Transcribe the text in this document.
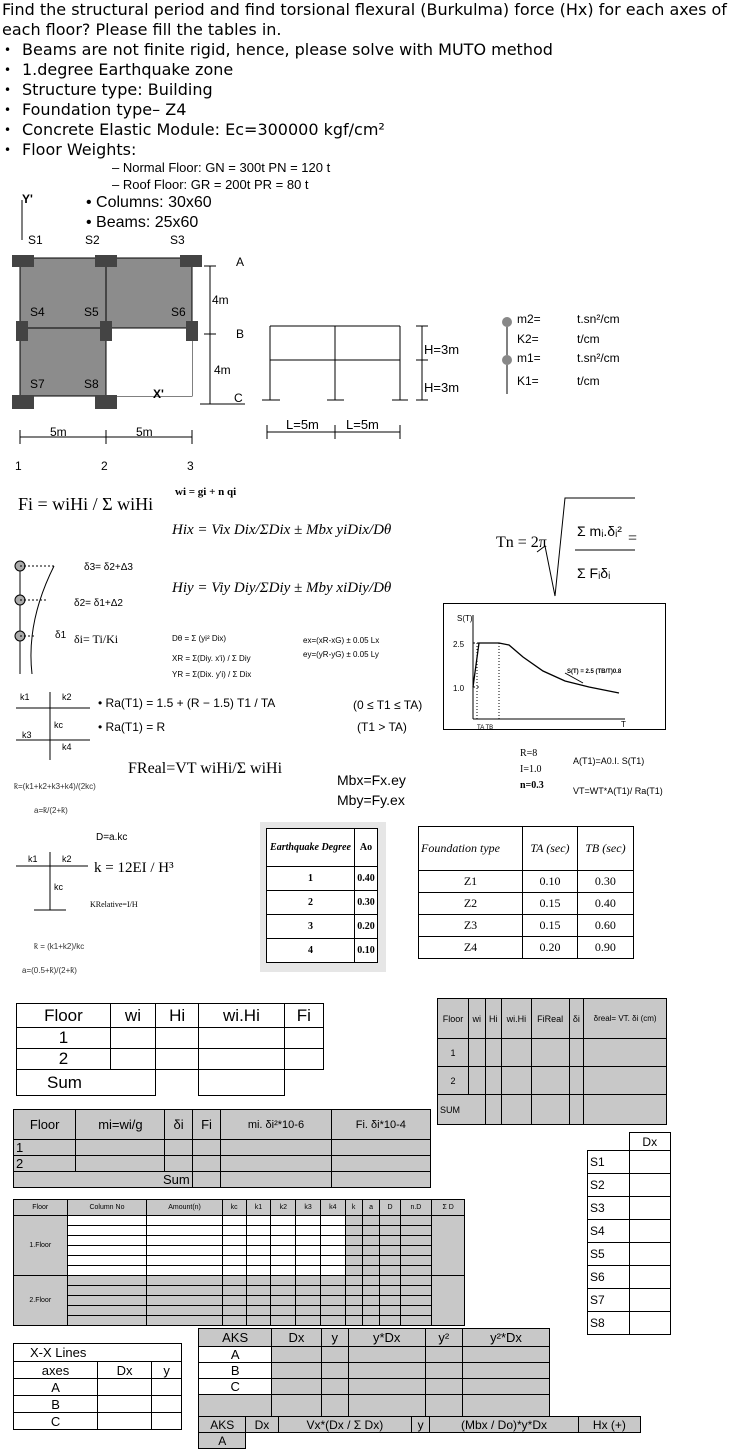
Find the structural period and find torsional flexural (Burkulma) force (Hx) for each axes of each floor? Please fill the tables in.

• Beams are not finite rigid, hence, please solve with MUTO method
• 1.degree Earthquake zone
• Structure type: Building
• Foundation type– Z4
• Concrete Elastic Module: Ec=300000 kgf/cm²
• Floor Weights:
– Normal Floor: GN = 300t PN = 120 t
– Roof Floor: GR = 200t PR = 80 t
• Columns: 30x60
• Beams: 25x60
Y'
S1	S2	S3
S4	S5	S6
S7	S8
X'
A
B
C
4m
4m
5m	5m
1	2	3
H=3m
H=3m
L=5m L=5m
m2=
K2=
m1=
K1=
t.sn²/cm
t/cm
t.sn²/cm
t/cm
Fi = wiHi / Σ wiHi
wi = gi + n qi
Hix = Vix Dix/ΣDix ± Mbx yiDix/Dθ
Hiy = Viy Diy/ΣDiy ± Mby xiDiy/Dθ
Tn = 2π
Σ mᵢ.δᵢ²
Σ Fᵢδᵢ
=
δ3= δ2+Δ3
δ2= δ1+Δ2
δ1 δi= Ti/Ki	Dθ = Σ (yi² Dix)
XR = Σ(Diy. x'i) / Σ Diy
YR = Σ(Dix. y'i) / Σ Dix
ex=(xR-xG) ± 0.05 Lx
ey=(yR-yG) ± 0.05 Ly
S(T)
2.5
1.0
TA TB	T
S(T) = 2.5 (TB/T)0.8
k1	k2
kc
k3
k4
k̄=(k1+k2+k3+k4)/(2kc)
a=k̄/(2+k̄)
• Ra(T1) = 1.5 + (R − 1.5) T1 / TA	(0 ≤ T1 ≤ TA)
• Ra(T1) = R	(T1 > TA)
FReal=VT wiHi/Σ wiHi
Mbx=Fx.ey
Mby=Fy.ex
R=8
I=1.0
n=0.3
A(T1)=A0.I. S(T1)
VT=WT*A(T1)/ Ra(T1)
D=a.kc
k1	k2
kc
k = 12EI / H³
KRelative=I/H
k̄ = (k1+k2)/kc
a=(0.5+k̄)/(2+k̄)
Earthquake Degree	Ao
1	0.40
2	0.30
3	0.20
4	0.10
Foundation type	TA (sec)	TB (sec)
Z1	0.10	0.30
Z2	0.15	0.40
Z3	0.15	0.60
Z4	0.20	0.90
Floor	wi	Hi	wi.Hi	Fi
1				
2				
Sum				
Floor	wi	Hi	wi.Hi	FiReal	δi	δreal= VT. δi (cm)
1						
2						
SUM						
Floor	mi=wi/g	δi	Fi	mi. δi²*10-6	Fi. δi*10-4
1					
2					
Sum					
	Dx
S1	
S2	
S3	
S4	
S5	
S6	
S7	
S8	
Floor	Column No	Amount(n)	kc	k1	k2	k3	k4	k	a	D	n.D	Σ D
1.Floor												

2.Floor												

X-X Lines		
axes	Dx	y
A		
B		
C		
AKS	Dx	y	y*Dx	y²	y²*Dx
A					
B					
C					

AKS	Dx	Vx*(Dx / Σ Dx)	y	(Mbx / Do)*y*Dx	Hx (+)
A					
